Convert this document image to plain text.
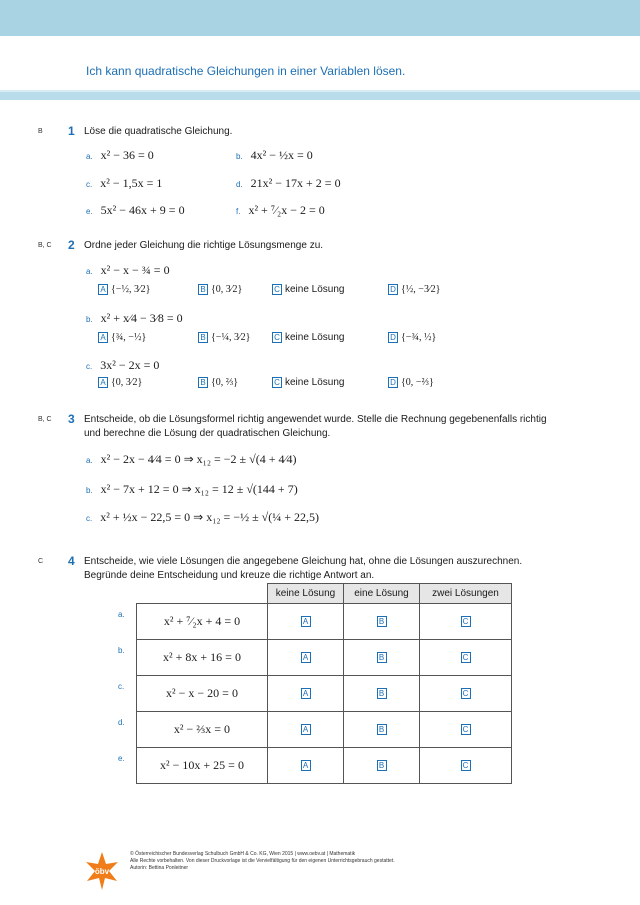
Ich kann quadratische Gleichungen in einer Variablen lösen.
B 1 Löse die quadratische Gleichung.
a. x² − 36 = 0	b. 4x² − ½x = 0
c. x² − 1,5x = 1	d. 21x² − 17x + 2 = 0
e. 5x² − 46x + 9 = 0	f. x² + ⁷⁄₂x − 2 = 0
B, C 2 Ordne jeder Gleichung die richtige Lösungsmenge zu.
a. x² − x − ¾ = 0
A {−½, 3⁄2}	B {0, 3⁄2}	C keine Lösung	D {½, −3⁄2}
b. x² + x⁄4 − 3⁄8 = 0
A {¾, −½}	B {−¼, 3⁄2}	C keine Lösung	D {−¾, ½}
c. 3x² − 2x = 0
A {0, 3⁄2}	B {0, ⅔}	C keine Lösung	D {0, −⅔}
B, C 3 Entscheide, ob die Lösungsformel richtig angewendet wurde. Stelle die Rechnung gegebenenfalls richtig
und berechne die Lösung der quadratischen Gleichung.
a. x² − 2x − 4⁄4 = 0 ⇒ x₁₂ = −2 ± √(4 + 4⁄4)
b. x² − 7x + 12 = 0 ⇒ x₁₂ = 12 ± √(144 + 7)
c. x² + ½x − 22,5 = 0 ⇒ x₁₂ = −½ ± √(¼ + 22,5)
C 4 Entscheide, wie viele Lösungen die angegebene Gleichung hat, ohne die Lösungen auszurechnen.
Begründe deine Entscheidung und kreuze die richtige Antwort an.
a.
b.
c.
d.
e.
	keine Lösung	eine Lösung	zwei Lösungen
x² + ⁷⁄₂x + 4 = 0	A	B	C
x² + 8x + 16 = 0	A	B	C
x² − x − 20 = 0	A	B	C
x² − ⅔x = 0	A	B	C
x² − 10x + 25 = 0	A	B	C
öbv
© Österreichischer Bundesverlag Schulbuch GmbH & Co. KG, Wien 2015 | www.oebv.at | Mathematik
Alle Rechte vorbehalten. Von dieser Druckvorlage ist die Vervielfältigung für den eigenen Unterrichtsgebrauch gestattet.
Autorin: Bettina Ponleitner
